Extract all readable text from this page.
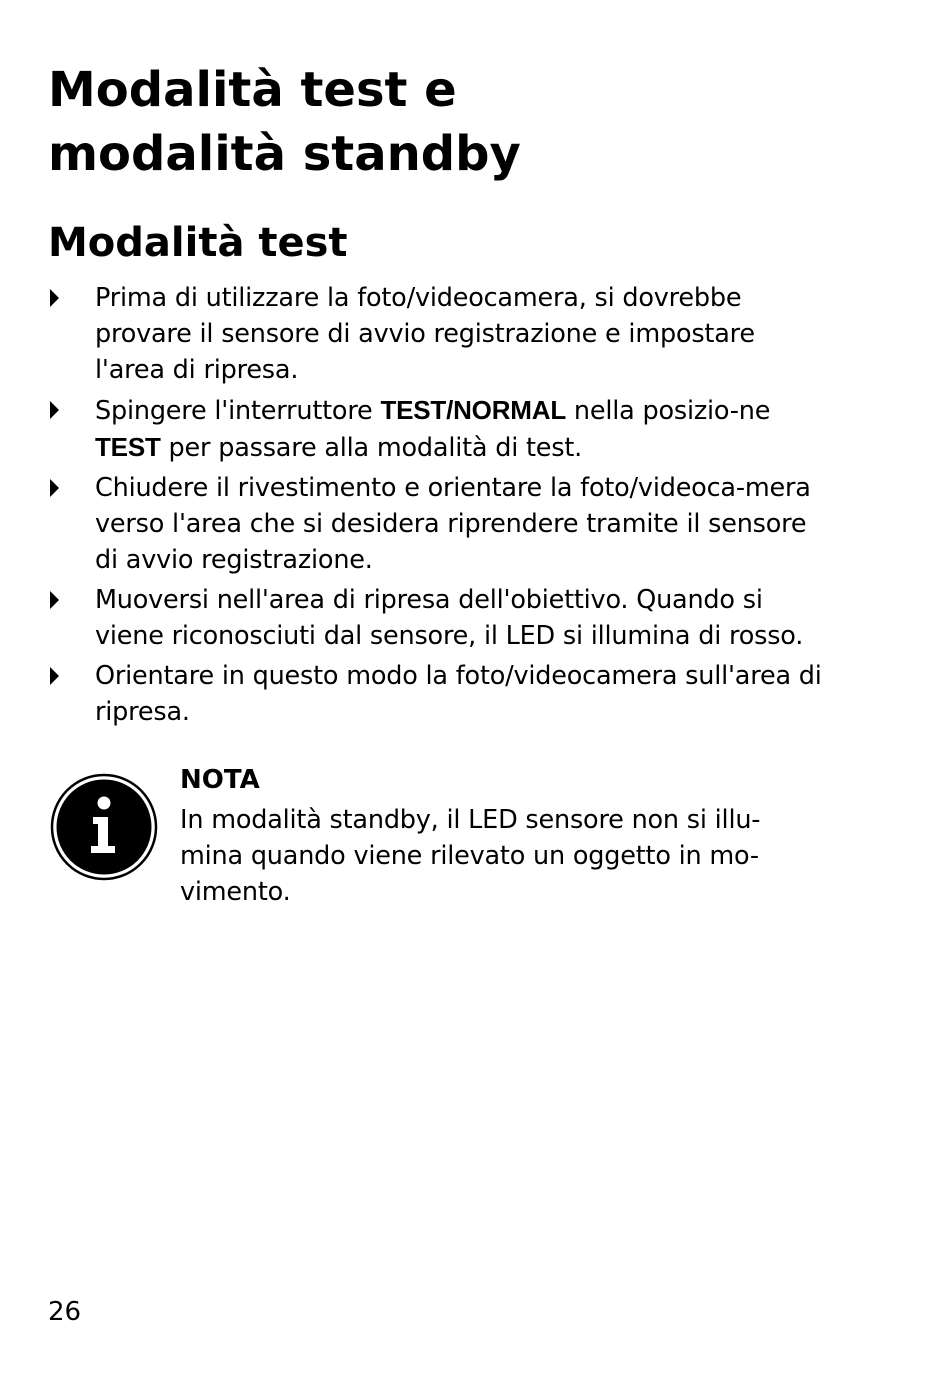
Modalità test e
modalità standby
Modalità test
Prima di utilizzare la foto/videocamera, si dovrebbe provare il sensore di avvio registrazione e impostare l'area di ripresa.
Spingere l'interruttore TEST/NORMAL nella posizio-ne TEST per passare alla modalità di test.
Chiudere il rivestimento e orientare la foto/videoca-mera verso l'area che si desidera riprendere tramite il sensore di avvio registrazione.
Muoversi nell'area di ripresa dell'obiettivo. Quando si viene riconosciuti dal sensore, il LED si illumina di rosso.
Orientare in questo modo la foto/videocamera sull'area di ripresa.
NOTA

In modalità standby, il LED sensore non si illu-mina quando viene rilevato un oggetto in mo-vimento.

26
